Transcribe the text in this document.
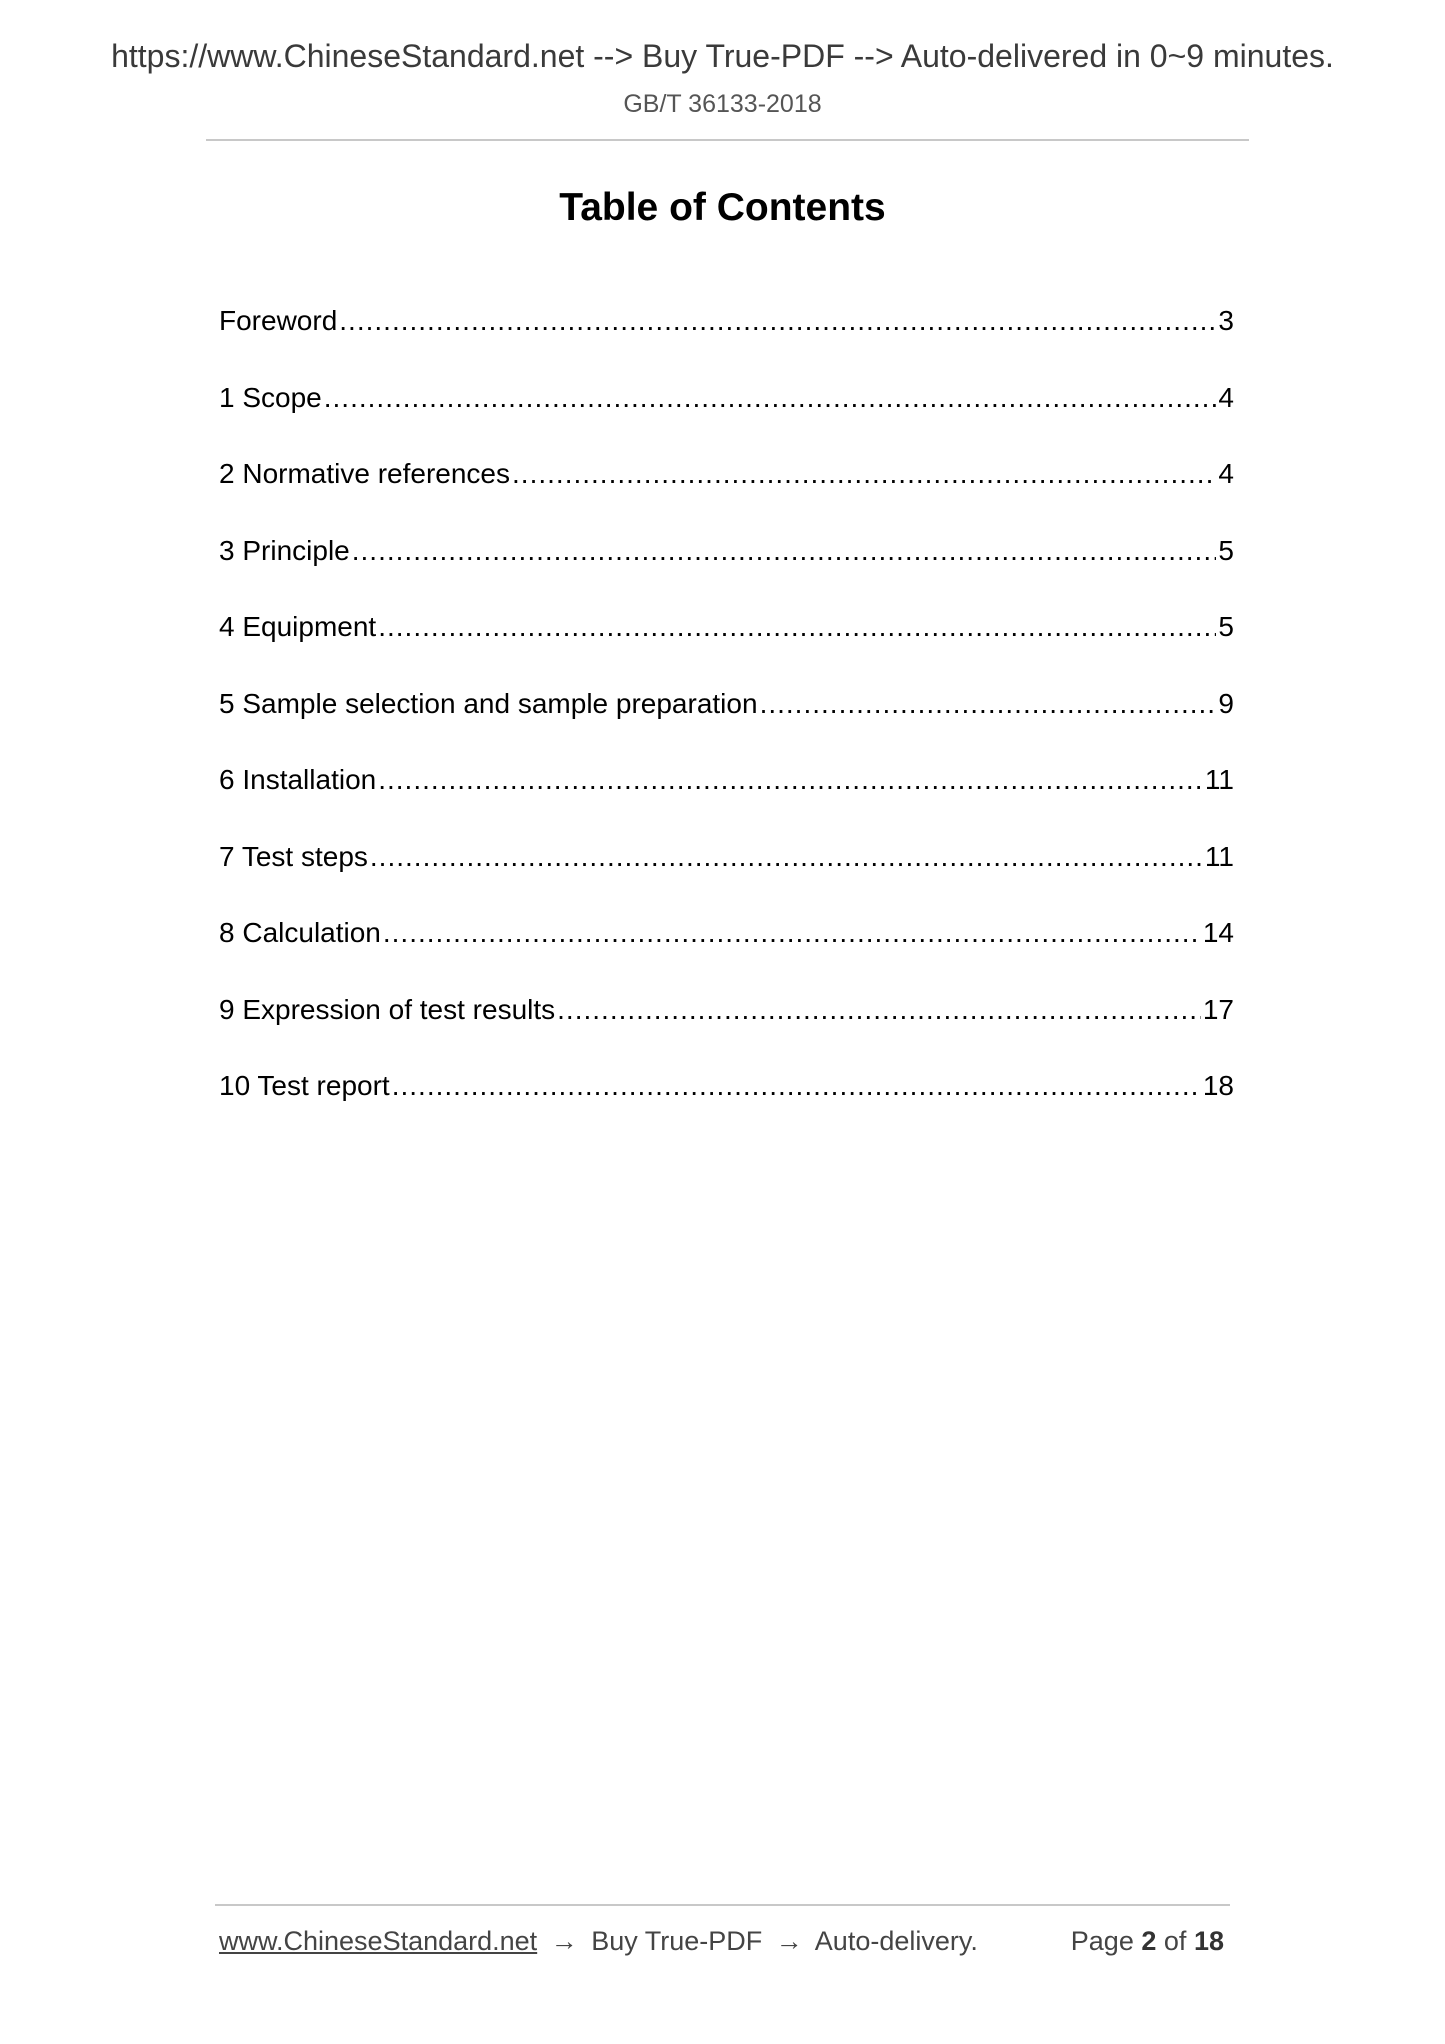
https://www.ChineseStandard.net --> Buy True-PDF --> Auto-delivered in 0~9 minutes.
GB/T 36133-2018
Table of Contents
Foreword .....	3
1 Scope .....	4
2 Normative references .....	4
3 Principle .....	5
4 Equipment .....	5
5 Sample selection and sample preparation .....	9
6 Installation .....	11
7 Test steps .....	11
8 Calculation .....	14
9 Expression of test results .....	17
10 Test report .....	18
www.ChineseStandard.net → Buy True-PDF → Auto-delivery.	Page 2 of 18
